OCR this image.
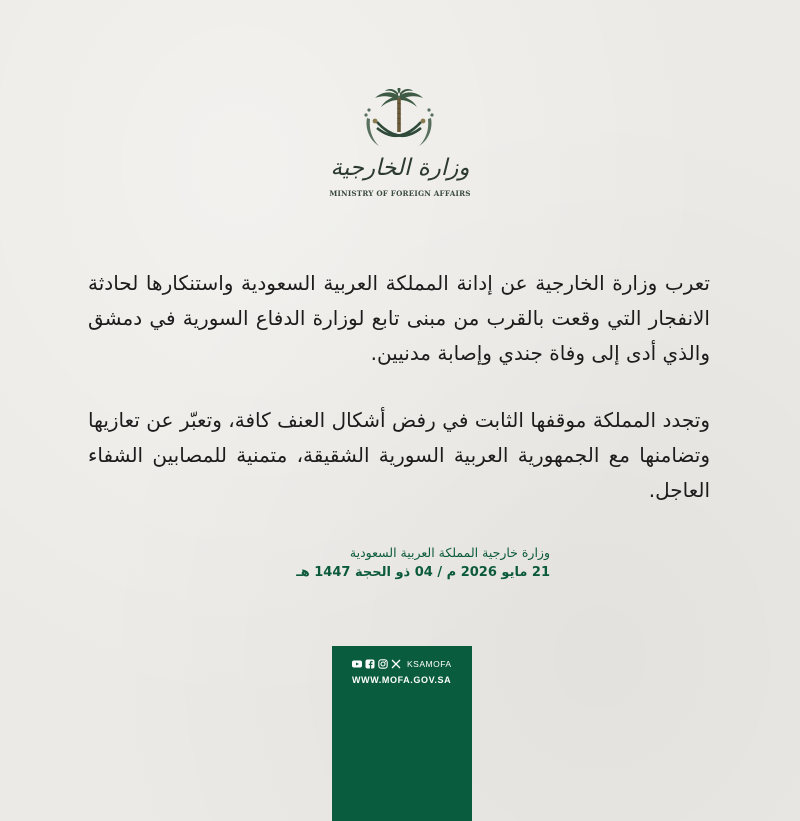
وزارة الخارجية
MINISTRY OF FOREIGN AFFAIRS

تعرب وزارة الخارجية عن إدانة المملكة العربية السعودية واستنكارها لحادثة الانفجار التي وقعت بالقرب من مبنى تابع لوزارة الدفاع السورية في دمشق والذي أدى إلى وفاة جندي وإصابة مدنيين.

وتجدد المملكة موقفها الثابت في رفض أشكال العنف كافة، وتعبّر عن تعازيها وتضامنها مع الجمهورية العربية السورية الشقيقة، متمنية للمصابين الشفاء العاجل.

وزارة خارجية المملكة العربية السعودية

21 مايو 2026 م / 04 ذو الحجة 1447 هـ

KSAMOFA
WWW.MOFA.GOV.SA
